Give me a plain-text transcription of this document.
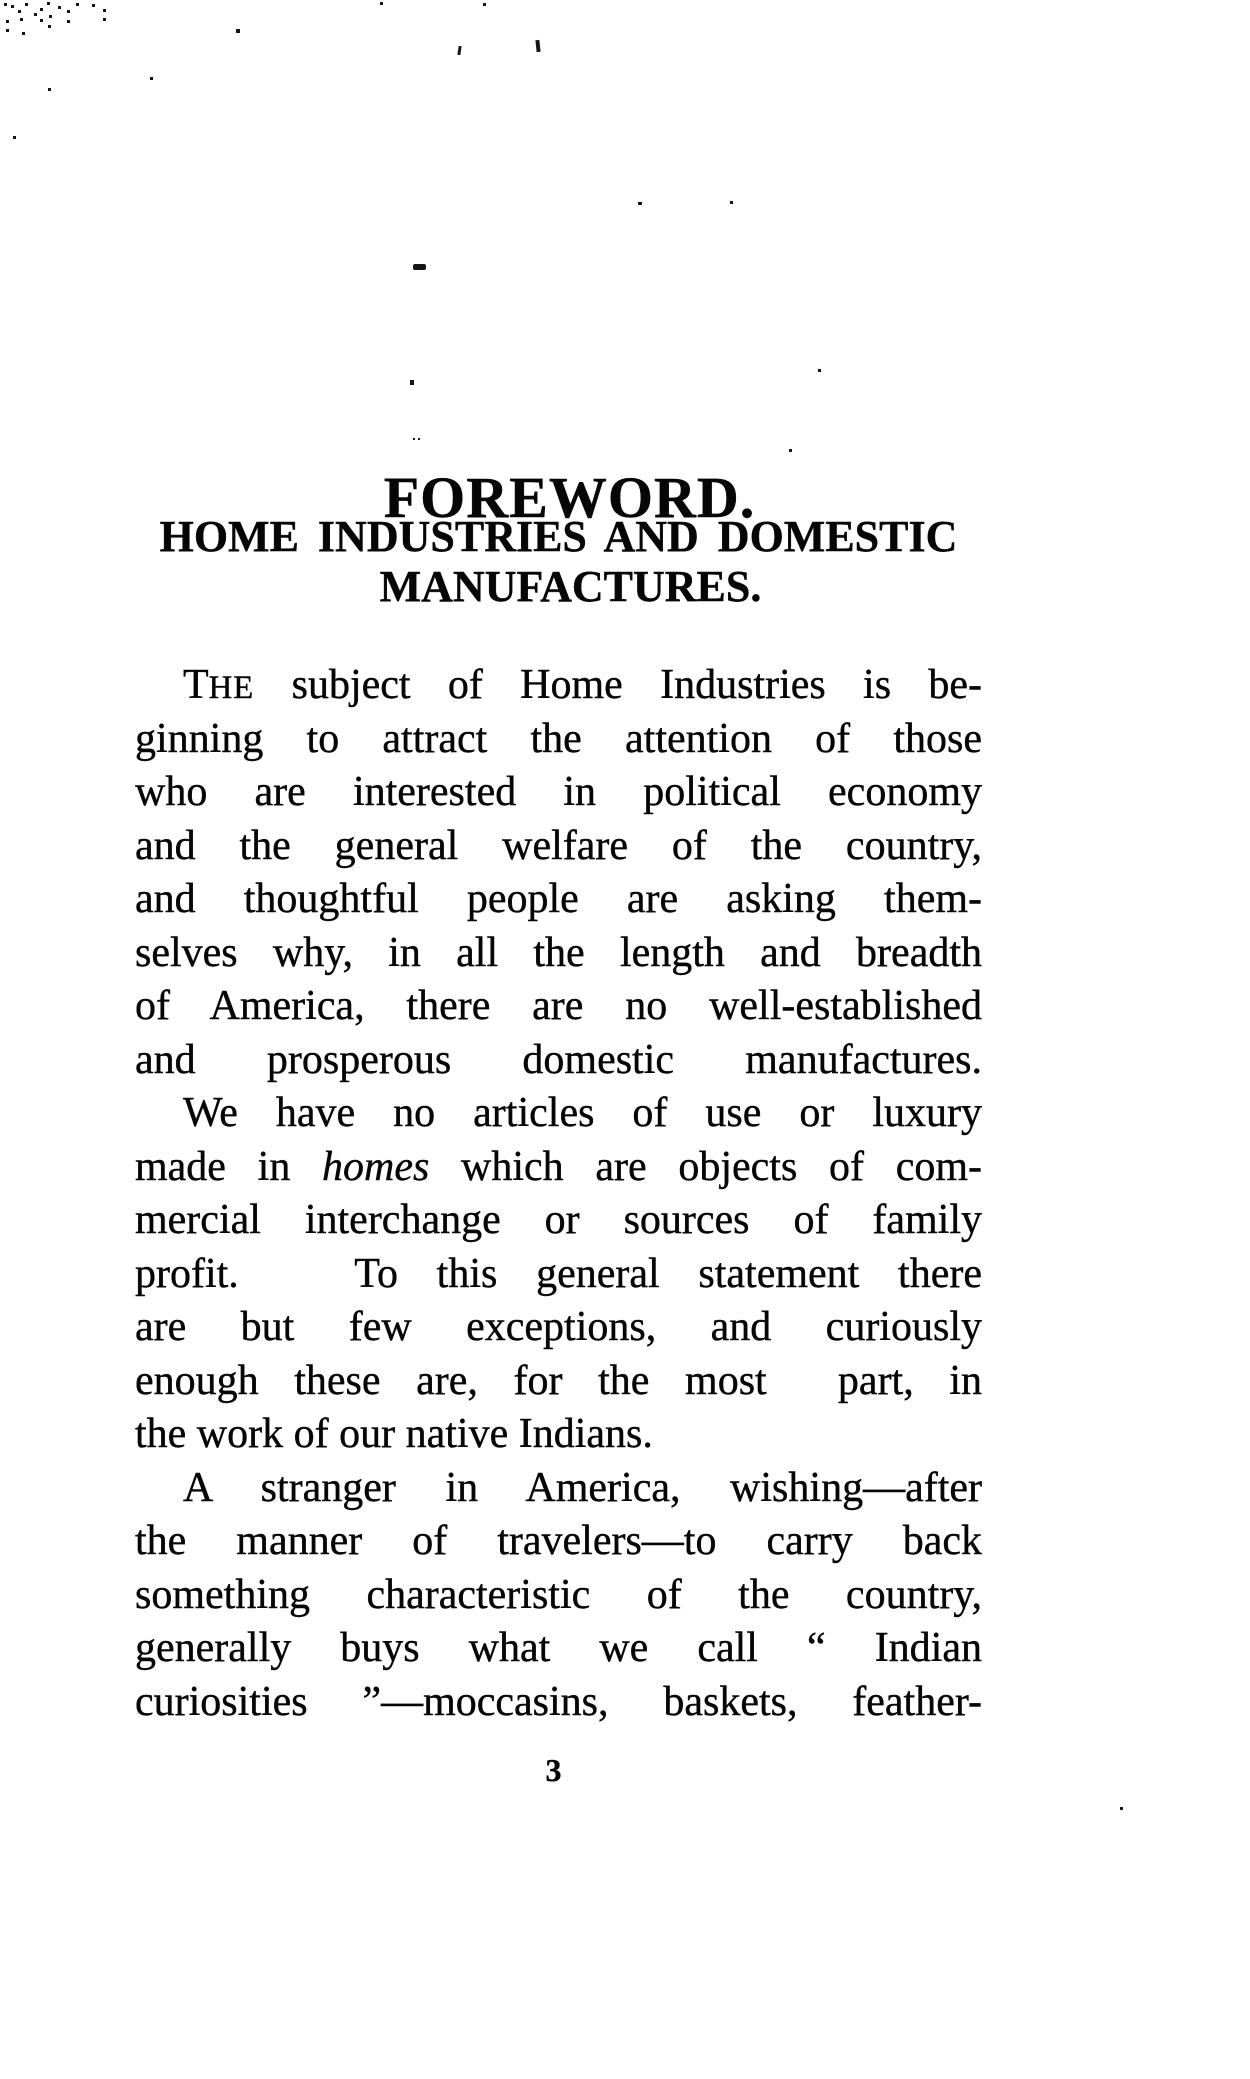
FOREWORD.
HOME INDUSTRIES AND DOMESTIC
MANUFACTURES.
THE subject of Home Industries is be-
ginning to attract the attention of those
who are interested in political economy
and the general welfare of the country,
and thoughtful people are asking them-
selves why, in all the length and breadth
of America, there are no well-established
and prosperous domestic manufactures.
We have no articles of use or luxury
made in homes which are objects of com-
mercial interchange or sources of family
profit.   To this general statement there
are but few exceptions, and curiously
enough these are, for the most  part, in
the work of our native Indians.
A stranger in America, wishing—after
the manner of travelers—to carry back
something characteristic of the country,
generally buys what we call “ Indian
curiosities ”—moccasins, baskets, feather-
3
